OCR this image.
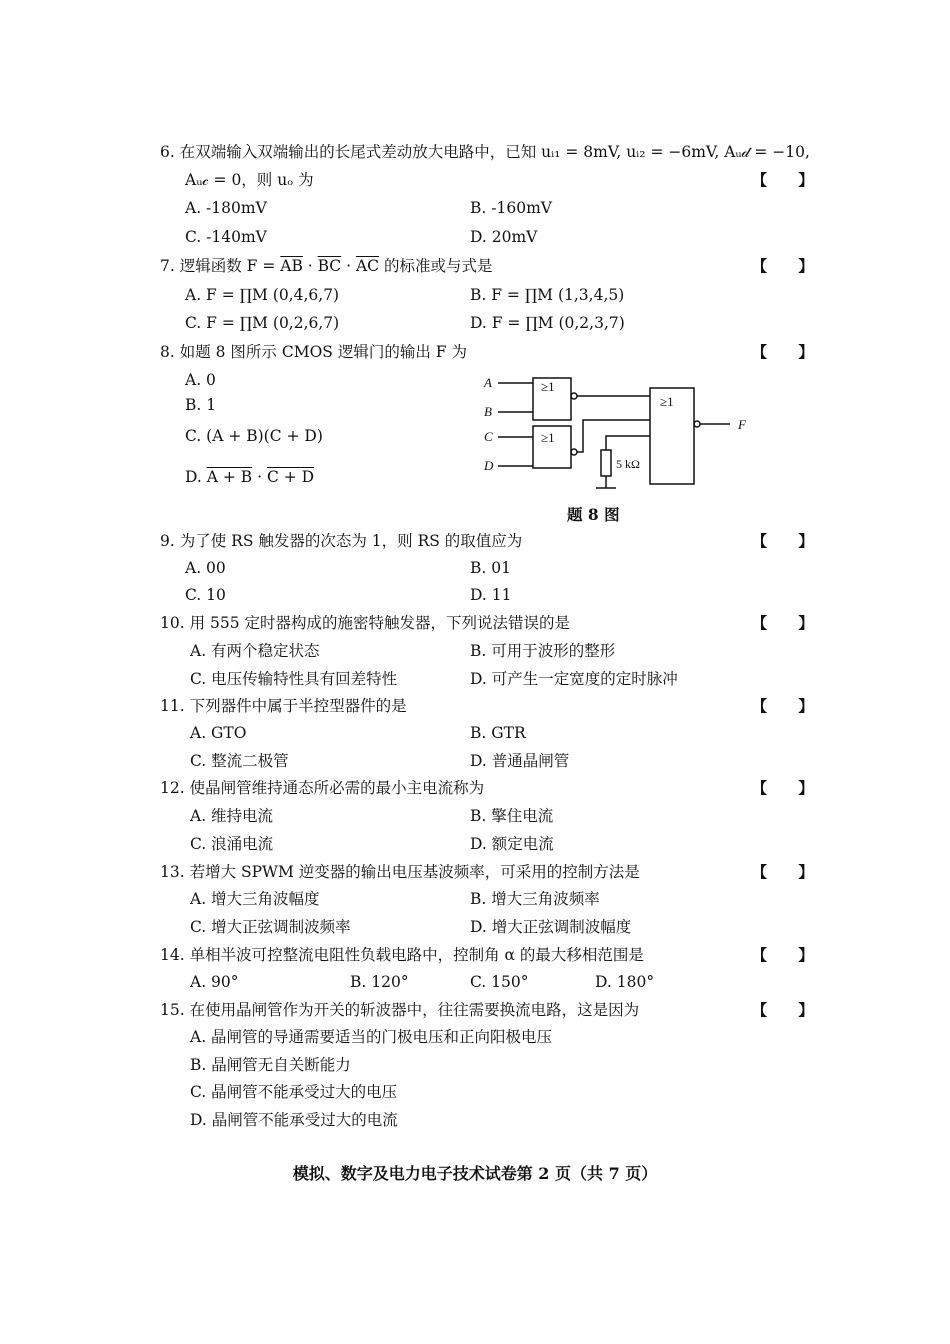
6. 在双端输入双端输出的长尾式差动放大电路中，已知 uᵢ₁ = 8mV, uᵢ₂ = −6mV, Aᵤ𝒹 = −10,
Aᵤ𝒸 = 0，则 uₒ 为	【      】
A. -180mV	B. -160mV
C. -140mV	D. 20mV
7. 逻辑函数 $F = \overline{AB} \cdot \overline{BC} \cdot \overline{AC}$ 的标准或与式是	【      】
A. F = ∏M (0,4,6,7)	B. F = ∏M (1,3,4,5)
C. F = ∏M (0,2,6,7)	D. F = ∏M (0,2,3,7)
8. 如题 8 图所示 CMOS 逻辑门的输出 F 为	【      】
A. 0
B. 1
C. (A + B)(C + D)
D. A + B · C + D
A
B
C
D
≥1
≥1
≥1
F
5 kΩ
题 8 图
9. 为了使 RS 触发器的次态为 1，则 RS 的取值应为	【      】
A. 00	B. 01
C. 10	D. 11
10. 用 555 定时器构成的施密特触发器，下列说法错误的是	【      】
A. 有两个稳定状态	B. 可用于波形的整形
C. 电压传输特性具有回差特性	D. 可产生一定宽度的定时脉冲
11. 下列器件中属于半控型器件的是	【      】
A. GTO	B. GTR
C. 整流二极管	D. 普通晶闸管
12. 使晶闸管维持通态所必需的最小主电流称为	【      】
A. 维持电流	B. 擎住电流
C. 浪涌电流	D. 额定电流
13. 若增大 SPWM 逆变器的输出电压基波频率，可采用的控制方法是	【      】
A. 增大三角波幅度	B. 增大三角波频率
C. 增大正弦调制波频率	D. 增大正弦调制波幅度
14. 单相半波可控整流电阻性负载电路中，控制角 α 的最大移相范围是	【      】
A. 90°	B. 120°	C. 150°	D. 180°
15. 在使用晶闸管作为开关的斩波器中，往往需要换流电路，这是因为	【      】
A. 晶闸管的导通需要适当的门极电压和正向阳极电压
B. 晶闸管无自关断能力
C. 晶闸管不能承受过大的电压
D. 晶闸管不能承受过大的电流
模拟、数字及电力电子技术试卷第 2 页（共 7 页）
